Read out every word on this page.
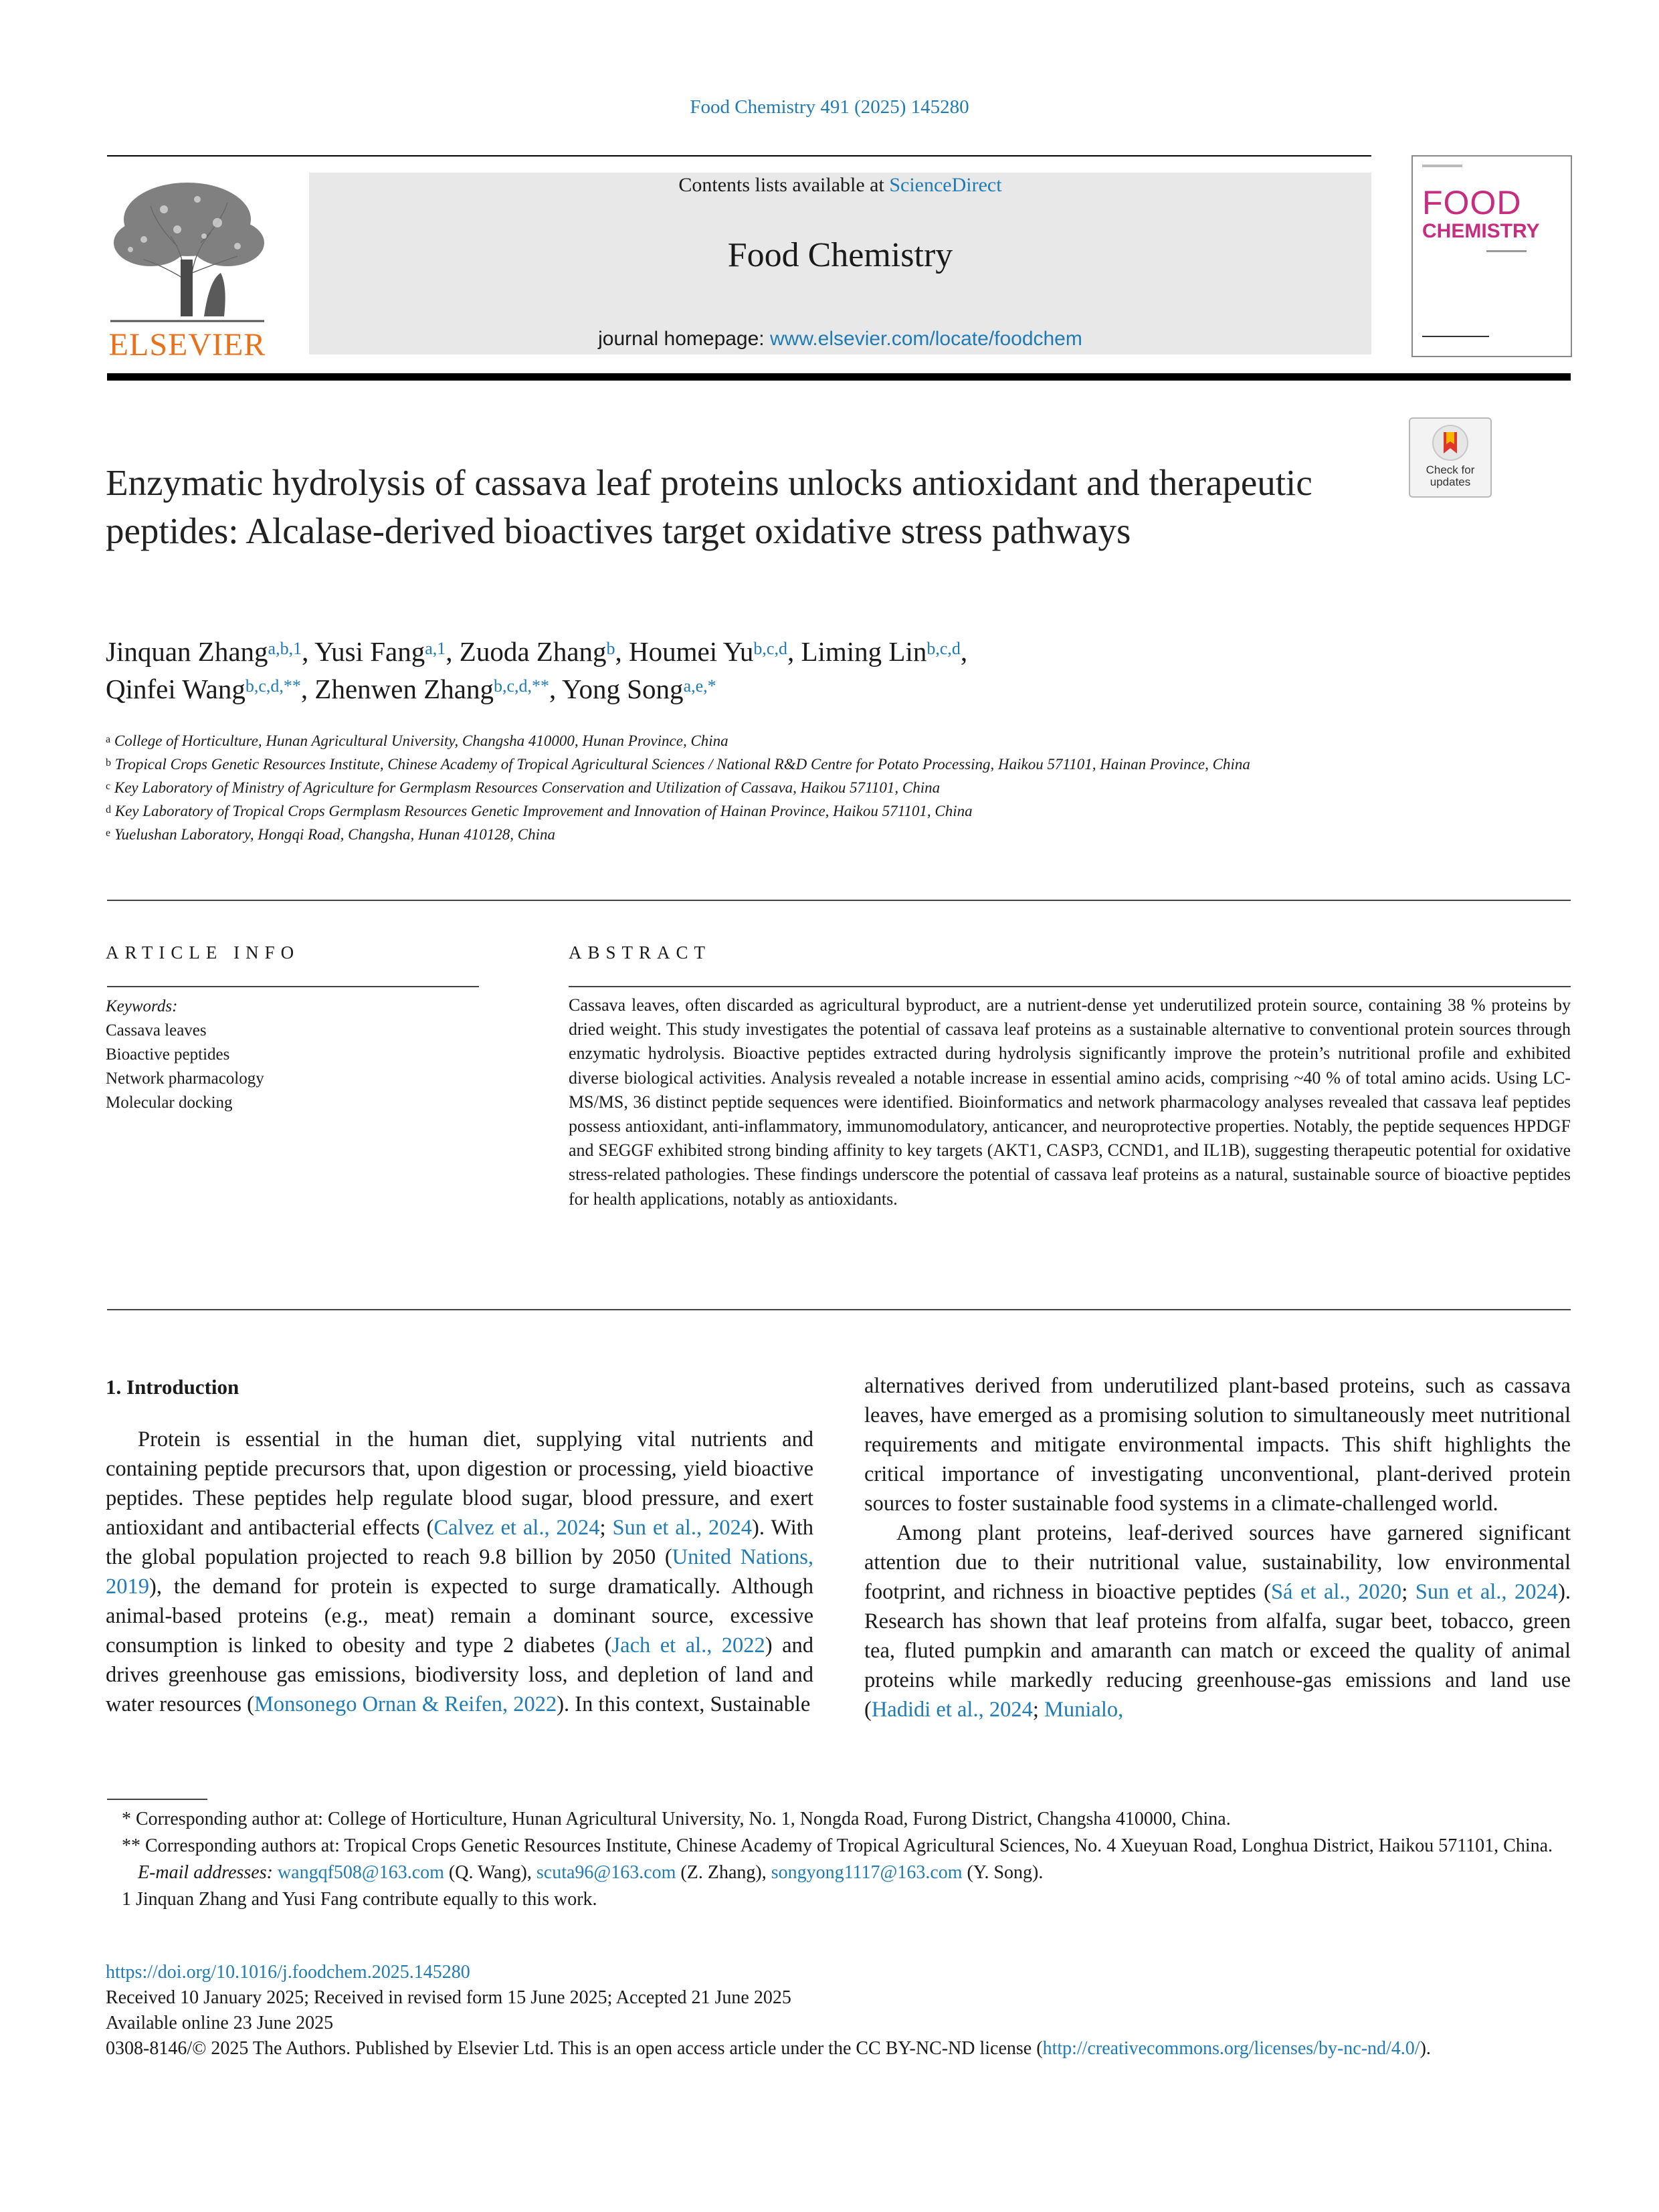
Food Chemistry 491 (2025) 145280
ELSEVIER
Contents lists available at ScienceDirect
Food Chemistry
journal homepage: www.elsevier.com/locate/foodchem
FOOD
CHEMISTRY
Check for updates
Enzymatic hydrolysis of cassava leaf proteins unlocks antioxidant and therapeutic peptides: Alcalase-derived bioactives target oxidative stress pathways
Jinquan Zhang$^{a,b,1}$, Yusi Fang$^{a,1}$, Zuoda Zhang$^b$, Houmei Yu$^{b,c,d}$, Liming Lin$^{b,c,d}$,
Qinfei Wang$^{b,c,d,**}$, Zhenwen Zhang$^{b,c,d,**}$, Yong Song$^{a,e,*}$
$^a$ College of Horticulture, Hunan Agricultural University, Changsha 410000, Hunan Province, China
$^b$ Tropical Crops Genetic Resources Institute, Chinese Academy of Tropical Agricultural Sciences / National R&D Centre for Potato Processing, Haikou 571101, Hainan Province, China
$^c$ Key Laboratory of Ministry of Agriculture for Germplasm Resources Conservation and Utilization of Cassava, Haikou 571101, China
$^d$ Key Laboratory of Tropical Crops Germplasm Resources Genetic Improvement and Innovation of Hainan Province, Haikou 571101, China
$^e$ Yuelushan Laboratory, Hongqi Road, Changsha, Hunan 410128, China
ARTICLE INFO	ABSTRACT
Keywords:
Cassava leaves
Bioactive peptides
Network pharmacology
Molecular docking
Cassava leaves, often discarded as agricultural byproduct, are a nutrient-dense yet underutilized protein source, containing 38 % proteins by dried weight. This study investigates the potential of cassava leaf proteins as a sustainable alternative to conventional protein sources through enzymatic hydrolysis. Bioactive peptides extracted during hydrolysis significantly improve the protein’s nutritional profile and exhibited diverse biological activities. Analysis revealed a notable increase in essential amino acids, comprising ~40 % of total amino acids. Using LC-MS/MS, 36 distinct peptide sequences were identified. Bioinformatics and network pharmacology analyses revealed that cassava leaf peptides possess antioxidant, anti-inflammatory, immunomodulatory, anticancer, and neuroprotective properties. Notably, the peptide sequences HPDGF and SEGGF exhibited strong binding affinity to key targets (AKT1, CASP3, CCND1, and IL1B), suggesting therapeutic potential for oxidative stress-related pathologies. These findings underscore the potential of cassava leaf proteins as a natural, sustainable source of bioactive peptides for health applications, notably as antioxidants.
1. Introduction

Protein is essential in the human diet, supplying vital nutrients and containing peptide precursors that, upon digestion or processing, yield bioactive peptides. These peptides help regulate blood sugar, blood pressure, and exert antioxidant and antibacterial effects (Calvez et al., 2024; Sun et al., 2024). With the global population projected to reach 9.8 billion by 2050 (United Nations, 2019), the demand for protein is expected to surge dramatically. Although animal-based proteins (e.g., meat) remain a dominant source, excessive consumption is linked to obesity and type 2 diabetes (Jach et al., 2022) and drives greenhouse gas emissions, biodiversity loss, and depletion of land and water resources (Monsonego Ornan & Reifen, 2022). In this context, Sustainable

alternatives derived from underutilized plant-based proteins, such as cassava leaves, have emerged as a promising solution to simultaneously meet nutritional requirements and mitigate environmental impacts. This shift highlights the critical importance of investigating unconventional, plant-derived protein sources to foster sustainable food systems in a climate-challenged world.

Among plant proteins, leaf-derived sources have garnered significant attention due to their nutritional value, sustainability, low environmental footprint, and richness in bioactive peptides (Sá et al., 2020; Sun et al., 2024). Research has shown that leaf proteins from alfalfa, sugar beet, tobacco, green tea, fluted pumpkin and amaranth can match or exceed the quality of animal proteins while markedly reducing greenhouse-gas emissions and land use (Hadidi et al., 2024; Munialo,

* Corresponding author at: College of Horticulture, Hunan Agricultural University, No. 1, Nongda Road, Furong District, Changsha 410000, China.

** Corresponding authors at: Tropical Crops Genetic Resources Institute, Chinese Academy of Tropical Agricultural Sciences, No. 4 Xueyuan Road, Longhua District, Haikou 571101, China.

E-mail addresses: wangqf508@163.com (Q. Wang), scuta96@163.com (Z. Zhang), songyong1117@163.com (Y. Song).

1 Jinquan Zhang and Yusi Fang contribute equally to this work.

https://doi.org/10.1016/j.foodchem.2025.145280

Received 10 January 2025; Received in revised form 15 June 2025; Accepted 21 June 2025

Available online 23 June 2025

0308-8146/© 2025 The Authors. Published by Elsevier Ltd. This is an open access article under the CC BY-NC-ND license (http://creativecommons.org/licenses/by-nc-nd/4.0/).
